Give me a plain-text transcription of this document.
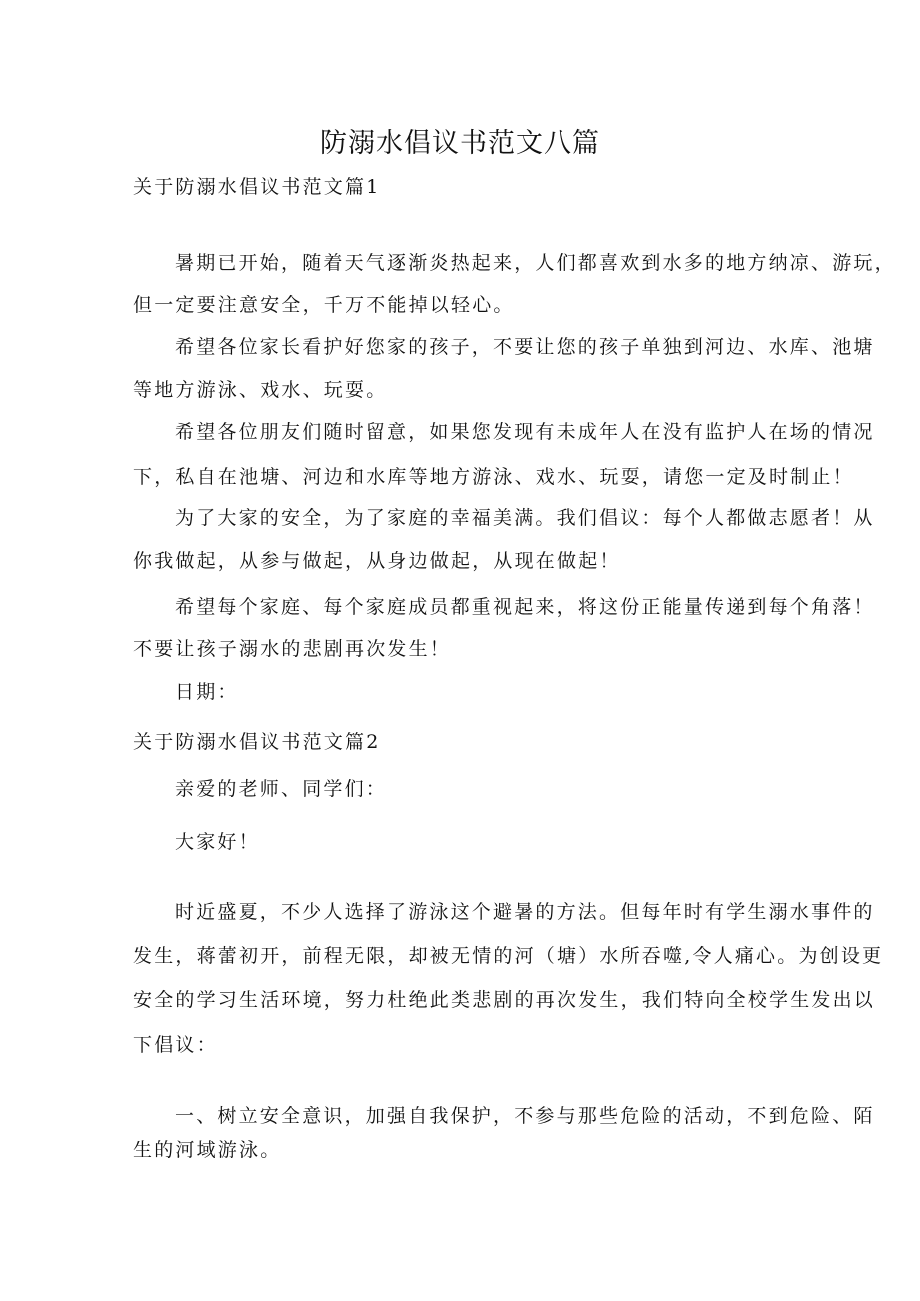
防溺水倡议书范文八篇
关于防溺水倡议书范文篇1
暑期已开始，随着天气逐渐炎热起来，人们都喜欢到水多的地方纳凉、游玩，
但一定要注意安全，千万不能掉以轻心。
希望各位家长看护好您家的孩子，不要让您的孩子单独到河边、水库、池塘
等地方游泳、戏水、玩耍。
希望各位朋友们随时留意，如果您发现有未成年人在没有监护人在场的情况
下，私自在池塘、河边和水库等地方游泳、戏水、玩耍，请您一定及时制止！
为了大家的安全，为了家庭的幸福美满。我们倡议：每个人都做志愿者！从
你我做起，从参与做起，从身边做起，从现在做起！
希望每个家庭、每个家庭成员都重视起来，将这份正能量传递到每个角落！
不要让孩子溺水的悲剧再次发生！
日期：
关于防溺水倡议书范文篇2
亲爱的老师、同学们：
大家好！
时近盛夏，不少人选择了游泳这个避暑的方法。但每年时有学生溺水事件的
发生，蒋蕾初开，前程无限，却被无情的河（塘）水所吞噬,令人痛心。为创设更
安全的学习生活环境，努力杜绝此类悲剧的再次发生，我们特向全校学生发出以
下倡议：
一、树立安全意识，加强自我保护，不参与那些危险的活动，不到危险、陌
生的河域游泳。
